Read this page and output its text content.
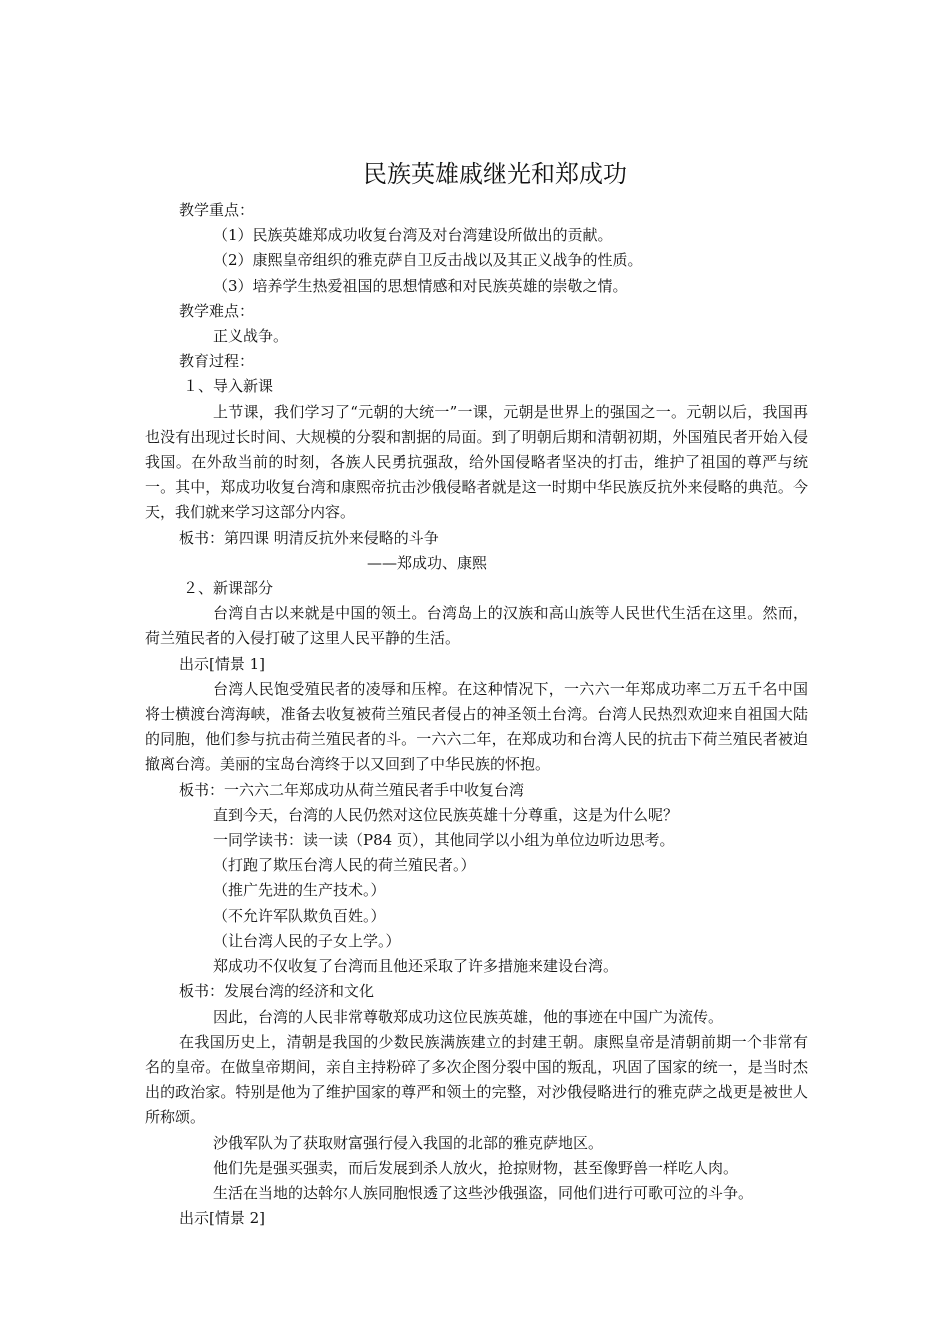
民族英雄戚继光和郑成功
教学重点：
（1）民族英雄郑成功收复台湾及对台湾建设所做出的贡献。
（2）康熙皇帝组织的雅克萨自卫反击战以及其正义战争的性质。
（3）培养学生热爱祖国的思想情感和对民族英雄的崇敬之情。
教学难点：
正义战争。
教育过程：
１、导入新课

上节课，我们学习了“元朝的大统一”一课，元朝是世界上的强国之一。元朝以后，我国再也没有出现过长时间、大规模的分裂和割据的局面。到了明朝后期和清朝初期，外国殖民者开始入侵我国。在外敌当前的时刻，各族人民勇抗强敌，给外国侵略者坚决的打击，维护了祖国的尊严与统一。其中，郑成功收复台湾和康熙帝抗击沙俄侵略者就是这一时期中华民族反抗外来侵略的典范。今天，我们就来学习这部分内容。

板书：第四课 明清反抗外来侵略的斗争
——郑成功、康熙
２、新课部分

台湾自古以来就是中国的领土。台湾岛上的汉族和高山族等人民世代生活在这里。然而，荷兰殖民者的入侵打破了这里人民平静的生活。

出示[情景 1]

台湾人民饱受殖民者的凌辱和压榨。在这种情况下，一六六一年郑成功率二万五千名中国将士横渡台湾海峡，准备去收复被荷兰殖民者侵占的神圣领土台湾。台湾人民热烈欢迎来自祖国大陆的同胞，他们参与抗击荷兰殖民者的斗。一六六二年，在郑成功和台湾人民的抗击下荷兰殖民者被迫撤离台湾。美丽的宝岛台湾终于以又回到了中华民族的怀抱。

板书：一六六二年郑成功从荷兰殖民者手中收复台湾
直到今天，台湾的人民仍然对这位民族英雄十分尊重，这是为什么呢？
一同学读书：读一读（P84 页），其他同学以小组为单位边听边思考。
（打跑了欺压台湾人民的荷兰殖民者。）
（推广先进的生产技术。）
（不允许军队欺负百姓。）
（让台湾人民的子女上学。）
郑成功不仅收复了台湾而且他还采取了许多措施来建设台湾。
板书：发展台湾的经济和文化
因此，台湾的人民非常尊敬郑成功这位民族英雄，他的事迹在中国广为流传。

在我国历史上，清朝是我国的少数民族满族建立的封建王朝。康熙皇帝是清朝前期一个非常有名的皇帝。在做皇帝期间，亲自主持粉碎了多次企图分裂中国的叛乱，巩固了国家的统一，是当时杰出的政治家。特别是他为了维护国家的尊严和领土的完整，对沙俄侵略进行的雅克萨之战更是被世人所称颂。

沙俄军队为了获取财富强行侵入我国的北部的雅克萨地区。
他们先是强买强卖，而后发展到杀人放火，抢掠财物，甚至像野兽一样吃人肉。
生活在当地的达斡尔人族同胞恨透了这些沙俄强盗，同他们进行可歌可泣的斗争。
出示[情景 2]
